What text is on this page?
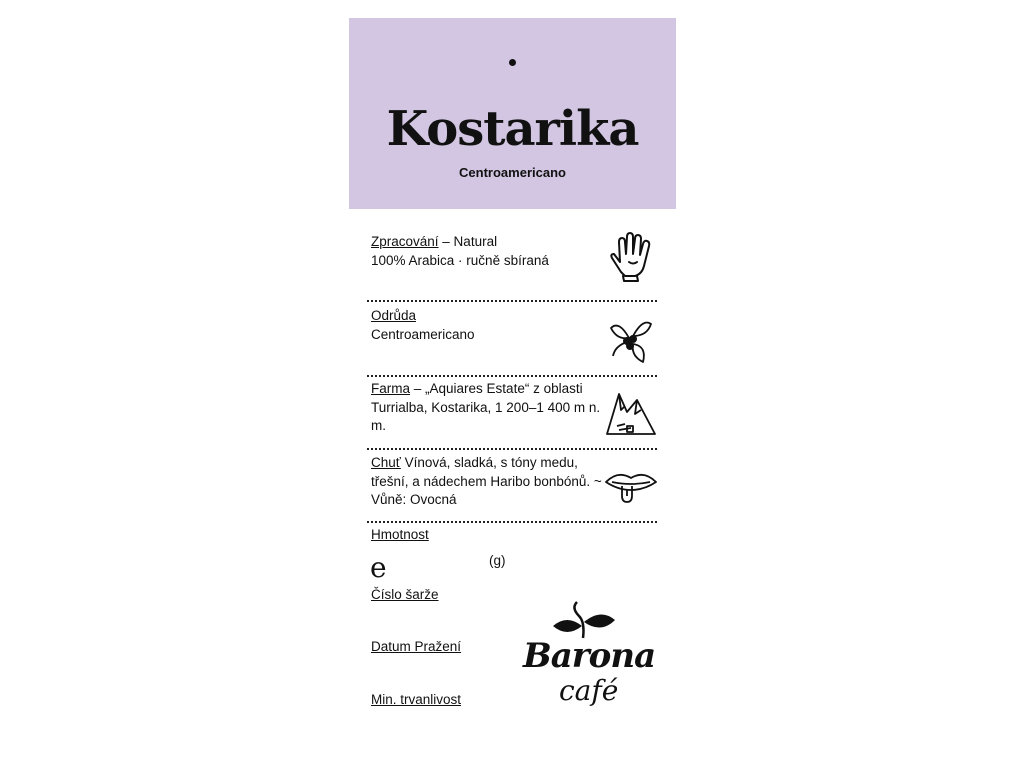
Kostarika
Centroamericano
Zpracování – Natural
100% Arabica · ručně sbíraná
Odrůda
Centroamericano
Farma – „Aquiares Estate“ z oblasti Turrialba, Kostarika, 1 200–1 400 m n. m.
Chuť Vínová, sladká, s tóny medu, třešní, a nádechem Haribo bonbónů. ~ Vůně: Ovocná
Hmotnost
(g)
e
Číslo šarže
Datum Pražení
Min. trvanlivost
Barona
café
